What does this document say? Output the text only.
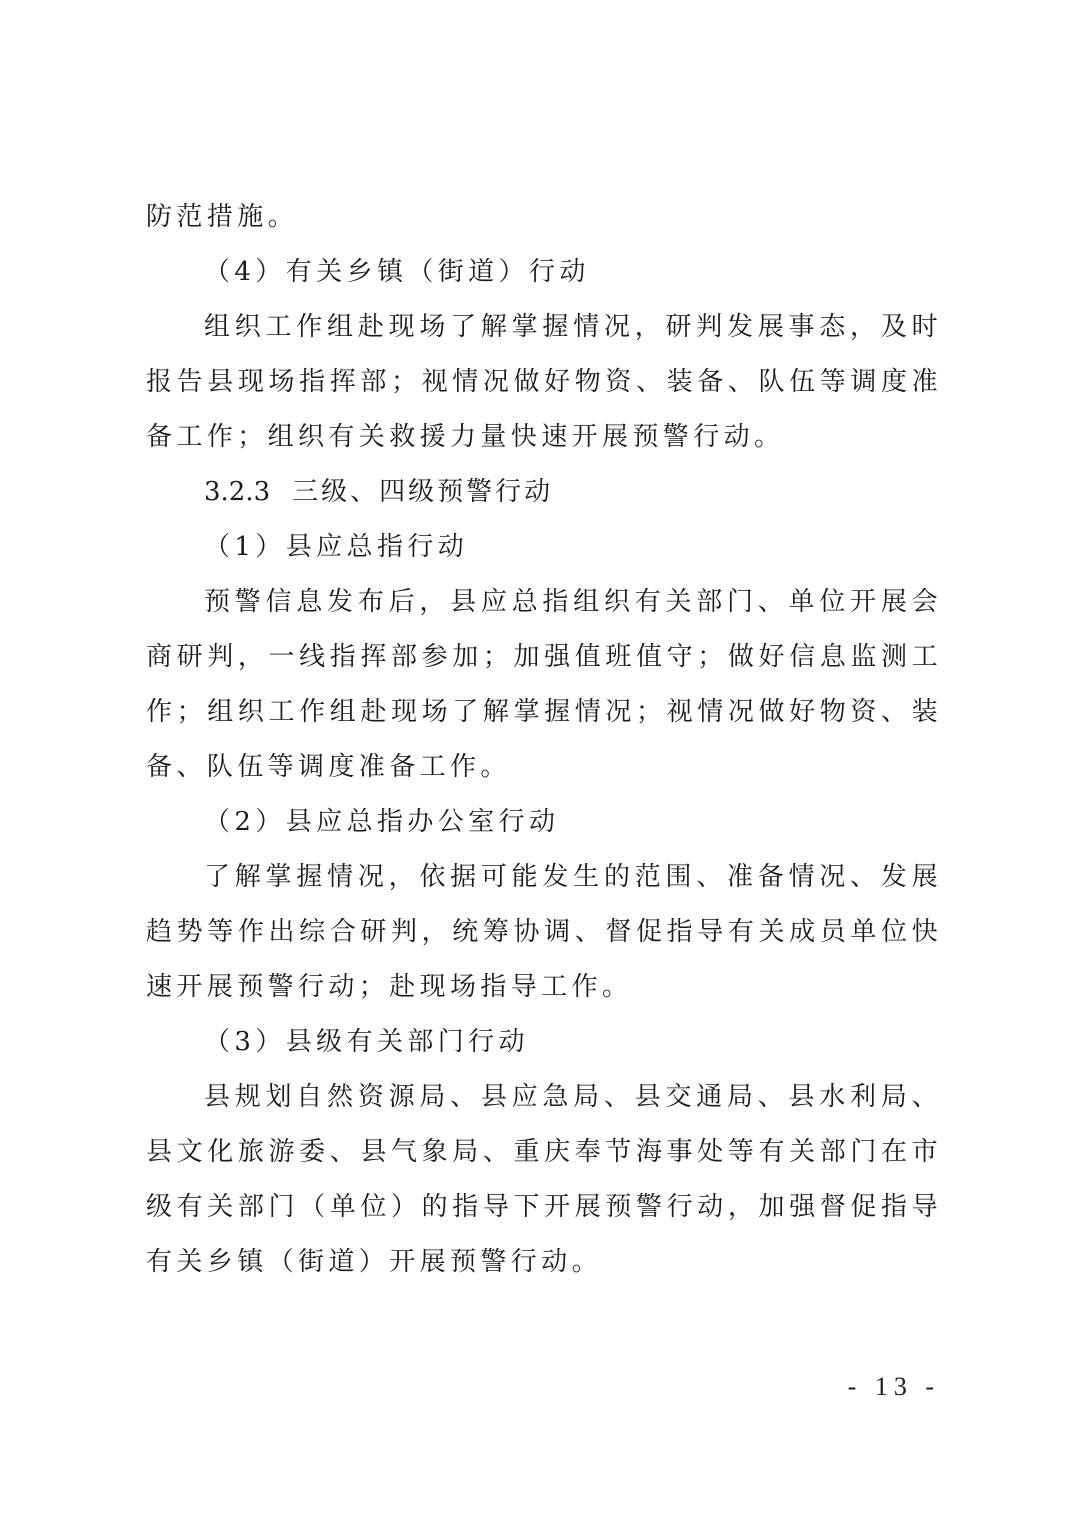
防范措施。

（4）有关乡镇（街道）行动

组织工作组赴现场了解掌握情况，研判发展事态，及时报告县现场指挥部；视情况做好物资、装备、队伍等调度准备工作；组织有关救援力量快速开展预警行动。

3.2.3 三级、四级预警行动

（1）县应总指行动

预警信息发布后，县应总指组织有关部门、单位开展会商研判，一线指挥部参加；加强值班值守；做好信息监测工作；组织工作组赴现场了解掌握情况；视情况做好物资、装备、队伍等调度准备工作。

（2）县应总指办公室行动

了解掌握情况，依据可能发生的范围、准备情况、发展趋势等作出综合研判，统筹协调、督促指导有关成员单位快速开展预警行动；赴现场指导工作。

（3）县级有关部门行动

县规划自然资源局、县应急局、县交通局、县水利局、县文化旅游委、县气象局、重庆奉节海事处等有关部门在市级有关部门（单位）的指导下开展预警行动，加强督促指导有关乡镇（街道）开展预警行动。

- 13 -
